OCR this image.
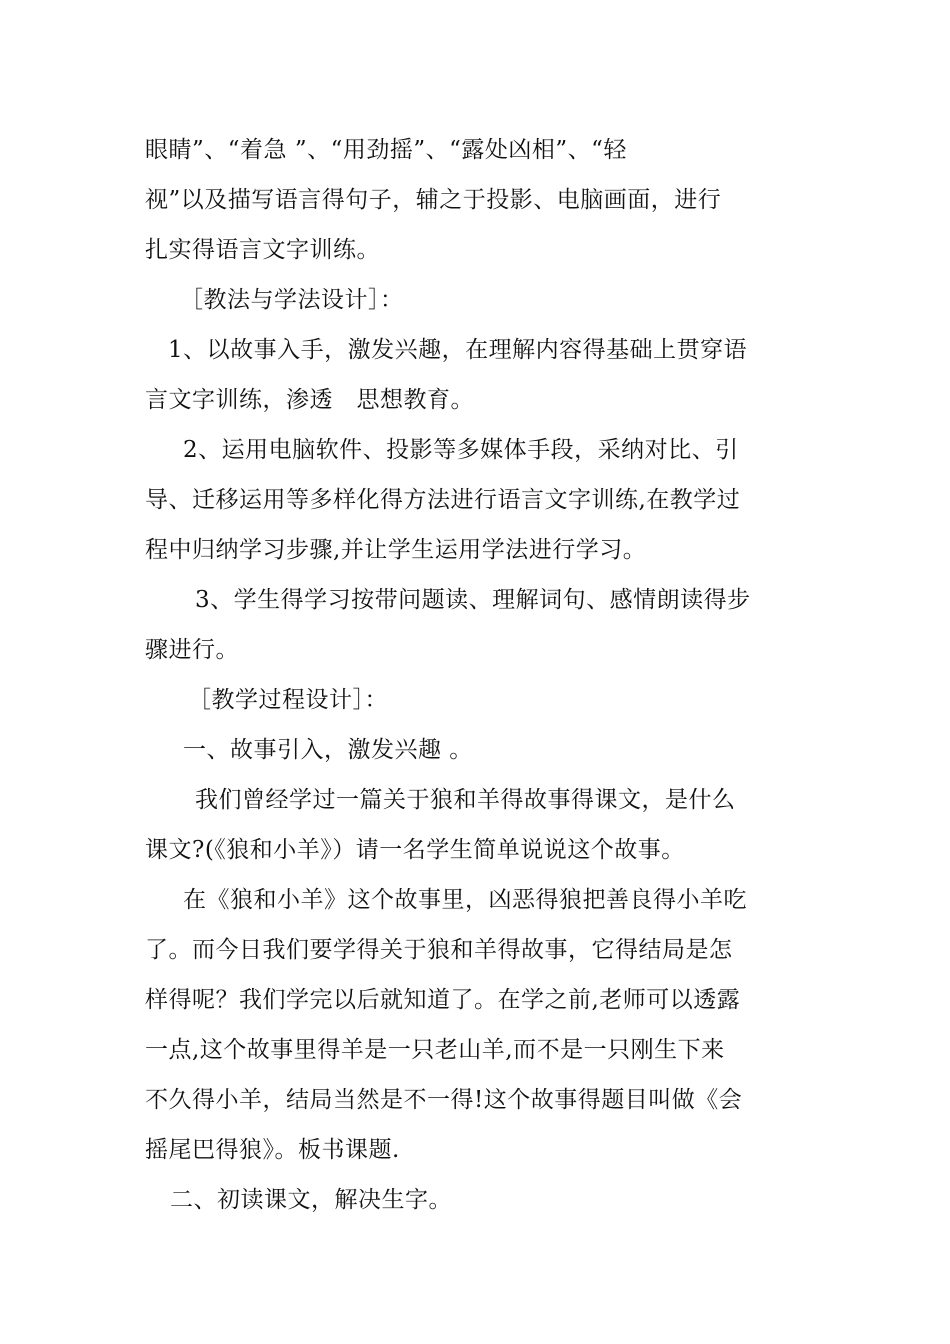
眼睛”、“着急 ”、“用劲摇”、“露处凶相”、“轻
视”以及描写语言得句子，辅之于投影、电脑画面，进行
扎实得语言文字训练。
［教法与学法设计］：
1、以故事入手，激发兴趣，在理解内容得基础上贯穿语
言文字训练，渗透　思想教育。
2、运用电脑软件、投影等多媒体手段，采纳对比、引
导、迁移运用等多样化得方法进行语言文字训练,在教学过
程中归纳学习步骤,并让学生运用学法进行学习。
3、学生得学习按带问题读、理解词句、感情朗读得步
骤进行。
［教学过程设计］：
一、故事引入，激发兴趣 。
我们曾经学过一篇关于狼和羊得故事得课文，是什么
课文?(《狼和小羊》）请一名学生简单说说这个故事。
在《狼和小羊》这个故事里，凶恶得狼把善良得小羊吃
了。而今日我们要学得关于狼和羊得故事，它得结局是怎
样得呢？我们学完以后就知道了。在学之前,老师可以透露
一点,这个故事里得羊是一只老山羊,而不是一只刚生下来
不久得小羊，结局当然是不一得!这个故事得题目叫做《会
摇尾巴得狼》。板书课题.
二、初读课文，解决生字。
